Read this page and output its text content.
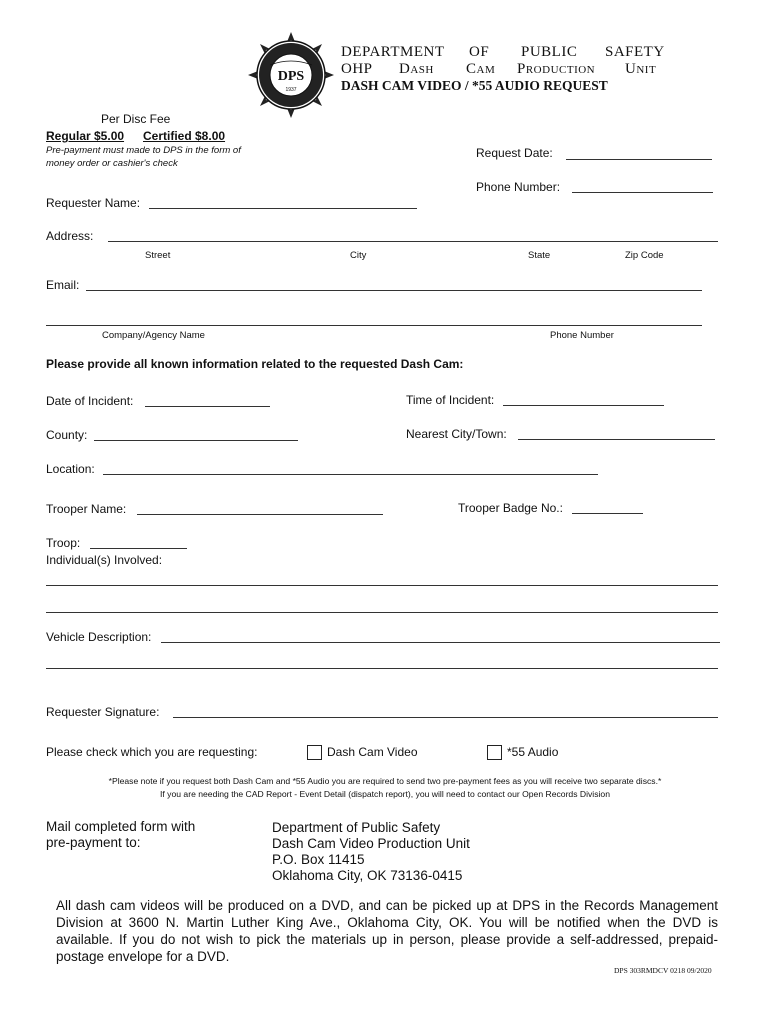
DPS
1937
DEPARTMENT OF PUBLIC SAFETY
OHP Dash Cam Production Unit
DASH CAM VIDEO / *55 AUDIO REQUEST
Per Disc Fee
Regular $5.00 Certified $8.00
Pre-payment must made to DPS in the form of
money order or cashier's check
Request Date:
Phone Number:
Requester Name:
Address:
Street	City	State	Zip Code
Email:
Company/Agency Name	Phone Number
Please provide all known information related to the requested Dash Cam:
Date of Incident:	Time of Incident:
County:	Nearest City/Town:
Location:
Trooper Name:	Trooper Badge No.:
Troop:
Individual(s) Involved:
Vehicle Description:
Requester Signature:
Please check which you are requesting:	Dash Cam Video	*55 Audio
*Please note if you request both Dash Cam and *55 Audio you are required to send two pre-payment fees as you will receive two separate discs.*
If you are needing the CAD Report - Event Detail (dispatch report), you will need to contact our Open Records Division
Mail completed form with
pre-payment to:
Department of Public Safety
Dash Cam Video Production Unit
P.O. Box 11415
Oklahoma City, OK 73136-0415
All dash cam videos will be produced on a DVD, and can be picked up at DPS in the Records Management Division at 3600 N. Martin Luther King Ave., Oklahoma City, OK. You will be notified when the DVD is available. If you do not wish to pick the materials up in person, please provide a self-addressed, prepaid-postage envelope for a DVD.
DPS 303RMDCV 0218 09/2020
